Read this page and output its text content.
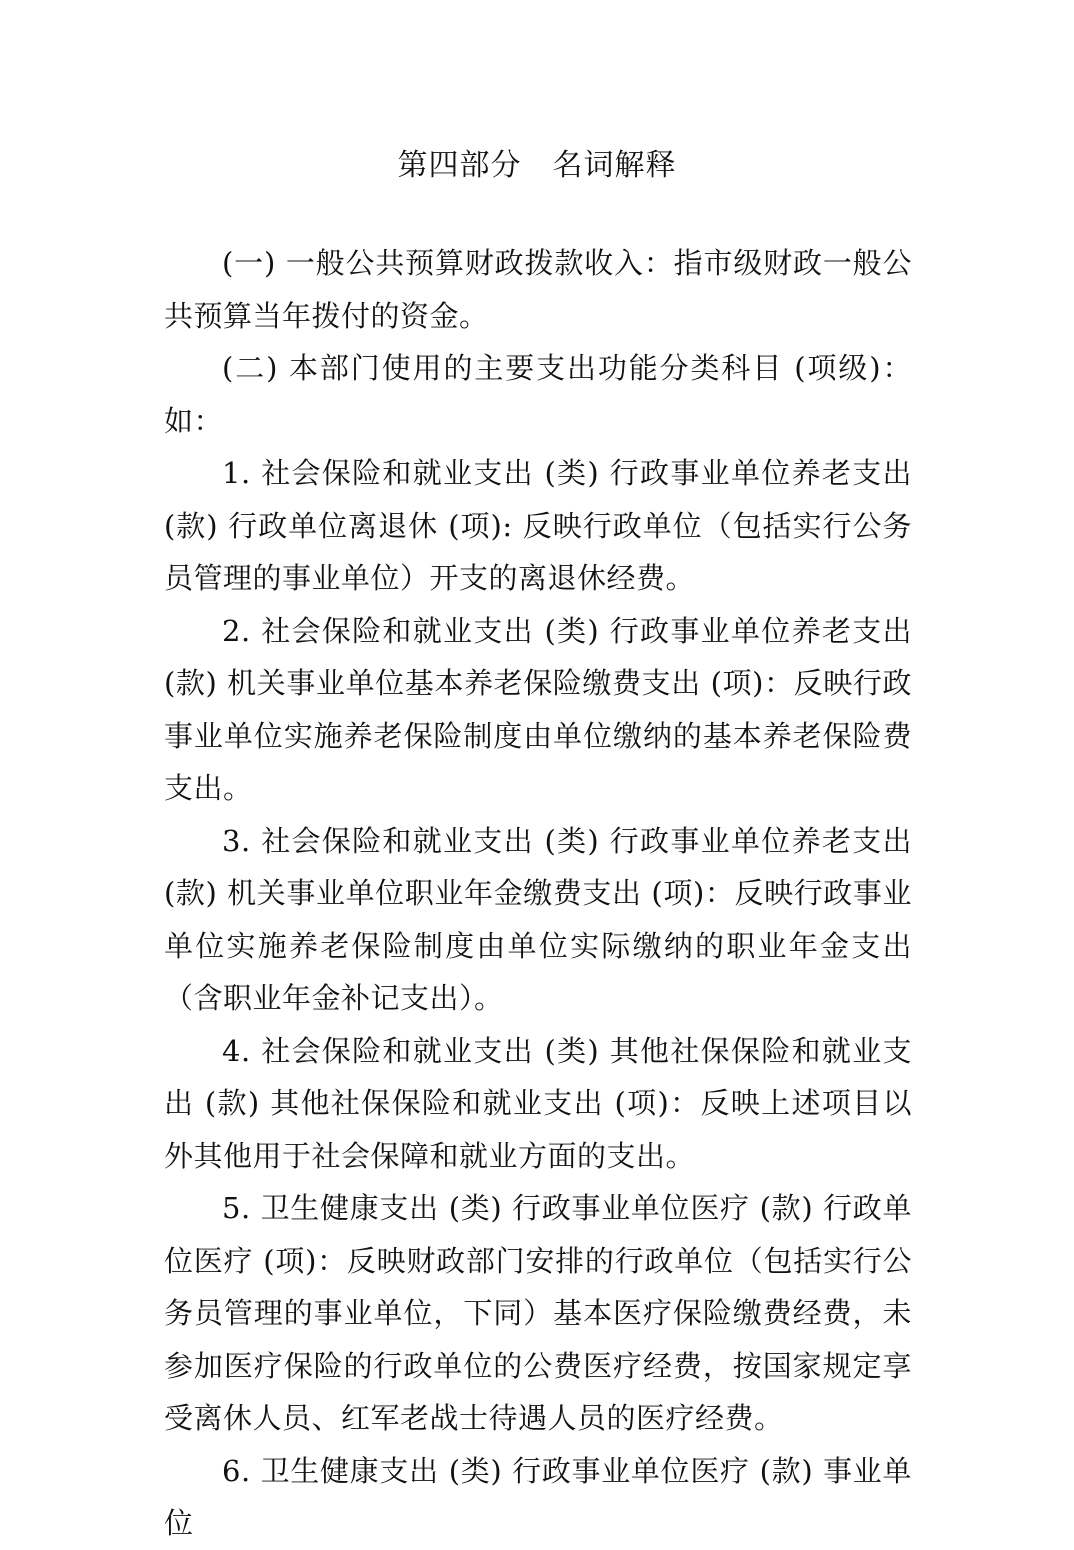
第四部分　名词解释

(一) 一般公共预算财政拨款收入：指市级财政一般公共预算当年拨付的资金。

(二) 本部门使用的主要支出功能分类科目 (项级)：如：

1. 社会保险和就业支出 (类) 行政事业单位养老支出 (款) 行政单位离退休 (项): 反映行政单位（包括实行公务员管理的事业单位）开支的离退休经费。

2. 社会保险和就业支出 (类) 行政事业单位养老支出 (款) 机关事业单位基本养老保险缴费支出 (项)：反映行政事业单位实施养老保险制度由单位缴纳的基本养老保险费支出。

3. 社会保险和就业支出 (类) 行政事业单位养老支出 (款) 机关事业单位职业年金缴费支出 (项)：反映行政事业单位实施养老保险制度由单位实际缴纳的职业年金支出（含职业年金补记支出）。

4. 社会保险和就业支出 (类) 其他社保保险和就业支出 (款) 其他社保保险和就业支出 (项)：反映上述项目以外其他用于社会保障和就业方面的支出。

5. 卫生健康支出 (类) 行政事业单位医疗 (款) 行政单位医疗 (项)：反映财政部门安排的行政单位（包括实行公务员管理的事业单位，下同）基本医疗保险缴费经费，未参加医疗保险的行政单位的公费医疗经费，按国家规定享受离休人员、红军老战士待遇人员的医疗经费。

6. 卫生健康支出 (类) 行政事业单位医疗 (款) 事业单位
